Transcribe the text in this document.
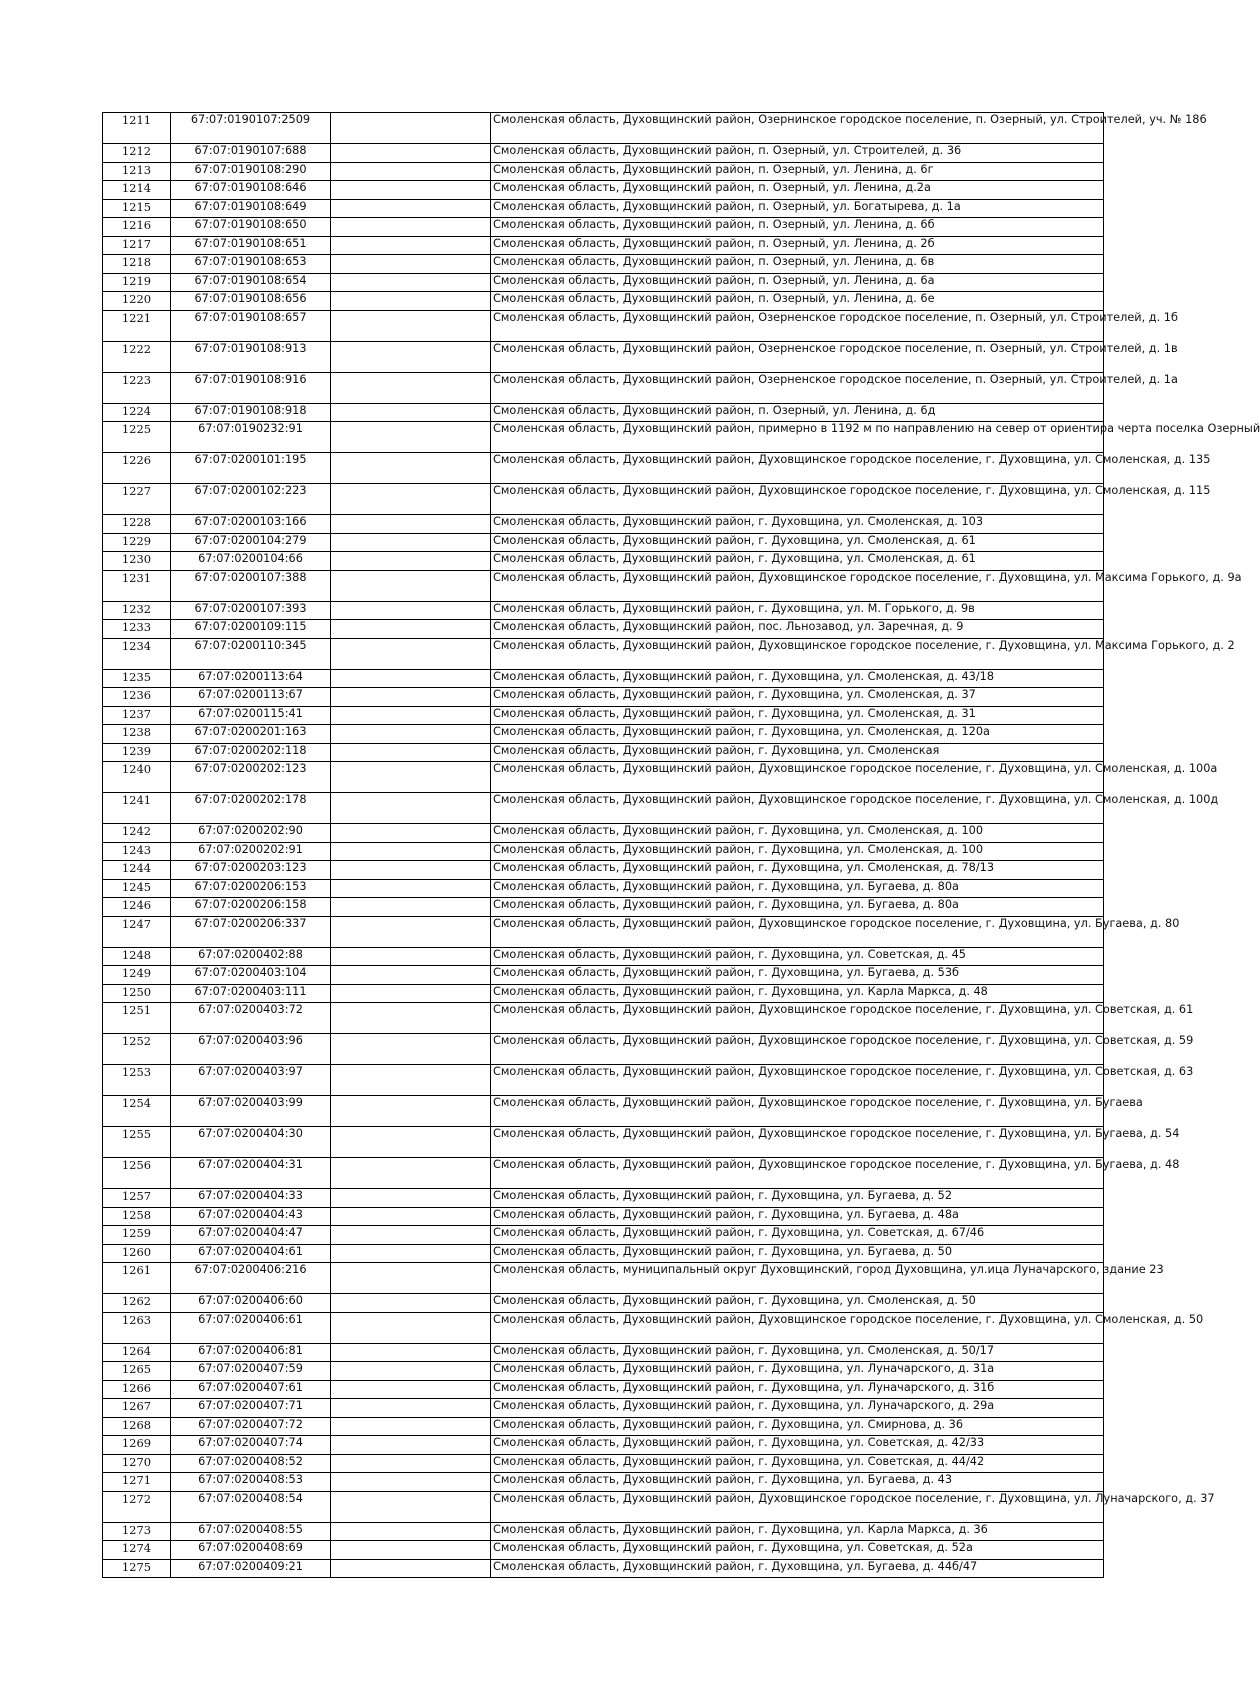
1211	67:07:0190107:2509		Смоленская область, Духовщинский район, Озернинское городское поселение, п. Озерный, ул. Строителей, уч. № 186
1212	67:07:0190107:688		Смоленская область, Духовщинский район, п. Озерный, ул. Строителей, д. 36
1213	67:07:0190108:290		Смоленская область, Духовщинский район, п. Озерный, ул. Ленина, д. 6г
1214	67:07:0190108:646		Смоленская область, Духовщинский район, п. Озерный, ул. Ленина, д.2а
1215	67:07:0190108:649		Смоленская область, Духовщинский район, п. Озерный, ул. Богатырева, д. 1а
1216	67:07:0190108:650		Смоленская область, Духовщинский район, п. Озерный, ул. Ленина, д. 6б
1217	67:07:0190108:651		Смоленская область, Духовщинский район, п. Озерный, ул. Ленина, д. 2б
1218	67:07:0190108:653		Смоленская область, Духовщинский район, п. Озерный, ул. Ленина, д. 6в
1219	67:07:0190108:654		Смоленская область, Духовщинский район, п. Озерный, ул. Ленина, д. 6а
1220	67:07:0190108:656		Смоленская область, Духовщинский район, п. Озерный, ул. Ленина, д. 6е
1221	67:07:0190108:657		Смоленская область, Духовщинский район, Озерненское городское поселение, п. Озерный, ул. Строителей, д. 1б
1222	67:07:0190108:913		Смоленская область, Духовщинский район, Озерненское городское поселение, п. Озерный, ул. Строителей, д. 1в
1223	67:07:0190108:916		Смоленская область, Духовщинский район, Озерненское городское поселение, п. Озерный, ул. Строителей, д. 1а
1224	67:07:0190108:918		Смоленская область, Духовщинский район, п. Озерный, ул. Ленина, д. 6д
1225	67:07:0190232:91		Смоленская область, Духовщинский район, примерно в 1192 м по направлению на север от ориентира черта поселка Озерный
1226	67:07:0200101:195		Смоленская область, Духовщинский район, Духовщинское городское поселение, г. Духовщина, ул. Смоленская, д. 135
1227	67:07:0200102:223		Смоленская область, Духовщинский район, Духовщинское городское поселение, г. Духовщина, ул. Смоленская, д. 115
1228	67:07:0200103:166		Смоленская область, Духовщинский район, г. Духовщина, ул. Смоленская, д. 103
1229	67:07:0200104:279		Смоленская область, Духовщинский район, г. Духовщина, ул. Смоленская, д. 61
1230	67:07:0200104:66		Смоленская область, Духовщинский район, г. Духовщина, ул. Смоленская, д. 61
1231	67:07:0200107:388		Смоленская область, Духовщинский район, Духовщинское городское поселение, г. Духовщина, ул. Максима Горького, д. 9а
1232	67:07:0200107:393		Смоленская область, Духовщинский район, г. Духовщина, ул. М. Горького, д. 9в
1233	67:07:0200109:115		Смоленская область, Духовщинский район, пос. Льнозавод, ул. Заречная, д. 9
1234	67:07:0200110:345		Смоленская область, Духовщинский район, Духовщинское городское поселение, г. Духовщина, ул. Максима Горького, д. 2
1235	67:07:0200113:64		Смоленская область, Духовщинский район, г. Духовщина, ул. Смоленская, д. 43/18
1236	67:07:0200113:67		Смоленская область, Духовщинский район, г. Духовщина, ул. Смоленская, д. 37
1237	67:07:0200115:41		Смоленская область, Духовщинский район, г. Духовщина, ул. Смоленская, д. 31
1238	67:07:0200201:163		Смоленская область, Духовщинский район, г. Духовщина, ул. Смоленская, д. 120а
1239	67:07:0200202:118		Смоленская область, Духовщинский район, г. Духовщина, ул. Смоленская
1240	67:07:0200202:123		Смоленская область, Духовщинский район, Духовщинское городское поселение, г. Духовщина, ул. Смоленская, д. 100а
1241	67:07:0200202:178		Смоленская область, Духовщинский район, Духовщинское городское поселение, г. Духовщина, ул. Смоленская, д. 100д
1242	67:07:0200202:90		Смоленская область, Духовщинский район, г. Духовщина, ул. Смоленская, д. 100
1243	67:07:0200202:91		Смоленская область, Духовщинский район, г. Духовщина, ул. Смоленская, д. 100
1244	67:07:0200203:123		Смоленская область, Духовщинский район, г. Духовщина, ул. Смоленская, д. 78/13
1245	67:07:0200206:153		Смоленская область, Духовщинский район, г. Духовщина, ул. Бугаева, д. 80а
1246	67:07:0200206:158		Смоленская область, Духовщинский район, г. Духовщина, ул. Бугаева, д. 80а
1247	67:07:0200206:337		Смоленская область, Духовщинский район, Духовщинское городское поселение, г. Духовщина, ул. Бугаева, д. 80
1248	67:07:0200402:88		Смоленская область, Духовщинский район, г. Духовщина, ул. Советская, д. 45
1249	67:07:0200403:104		Смоленская область, Духовщинский район, г. Духовщина, ул. Бугаева, д. 53б
1250	67:07:0200403:111		Смоленская область, Духовщинский район, г. Духовщина, ул. Карла Маркса, д. 48
1251	67:07:0200403:72		Смоленская область, Духовщинский район, Духовщинское городское поселение, г. Духовщина, ул. Советская, д. 61
1252	67:07:0200403:96		Смоленская область, Духовщинский район, Духовщинское городское поселение, г. Духовщина, ул. Советская, д. 59
1253	67:07:0200403:97		Смоленская область, Духовщинский район, Духовщинское городское поселение, г. Духовщина, ул. Советская, д. 63
1254	67:07:0200403:99		Смоленская область, Духовщинский район, Духовщинское городское поселение, г. Духовщина, ул. Бугаева
1255	67:07:0200404:30		Смоленская область, Духовщинский район, Духовщинское городское поселение, г. Духовщина, ул. Бугаева, д. 54
1256	67:07:0200404:31		Смоленская область, Духовщинский район, Духовщинское городское поселение, г. Духовщина, ул. Бугаева, д. 48
1257	67:07:0200404:33		Смоленская область, Духовщинский район, г. Духовщина, ул. Бугаева, д. 52
1258	67:07:0200404:43		Смоленская область, Духовщинский район, г. Духовщина, ул. Бугаева, д. 48а
1259	67:07:0200404:47		Смоленская область, Духовщинский район, г. Духовщина, ул. Советская, д. 67/46
1260	67:07:0200404:61		Смоленская область, Духовщинский район, г. Духовщина, ул. Бугаева, д. 50
1261	67:07:0200406:216		Смоленская область, муниципальный округ Духовщинский, город Духовщина, ул.ица Луначарского, здание 23
1262	67:07:0200406:60		Смоленская область, Духовщинский район, г. Духовщина, ул. Смоленская, д. 50
1263	67:07:0200406:61		Смоленская область, Духовщинский район, Духовщинское городское поселение, г. Духовщина, ул. Смоленская, д. 50
1264	67:07:0200406:81		Смоленская область, Духовщинский район, г. Духовщина, ул. Смоленская, д. 50/17
1265	67:07:0200407:59		Смоленская область, Духовщинский район, г. Духовщина, ул. Луначарского, д. 31а
1266	67:07:0200407:61		Смоленская область, Духовщинский район, г. Духовщина, ул. Луначарского, д. 31б
1267	67:07:0200407:71		Смоленская область, Духовщинский район, г. Духовщина, ул. Луначарского, д. 29а
1268	67:07:0200407:72		Смоленская область, Духовщинский район, г. Духовщина, ул. Смирнова, д. 36
1269	67:07:0200407:74		Смоленская область, Духовщинский район, г. Духовщина, ул. Советская, д. 42/33
1270	67:07:0200408:52		Смоленская область, Духовщинский район, г. Духовщина, ул. Советская, д. 44/42
1271	67:07:0200408:53		Смоленская область, Духовщинский район, г. Духовщина, ул. Бугаева, д. 43
1272	67:07:0200408:54		Смоленская область, Духовщинский район, Духовщинское городское поселение, г. Духовщина, ул. Луначарского, д. 37
1273	67:07:0200408:55		Смоленская область, Духовщинский район, г. Духовщина, ул. Карла Маркса, д. 36
1274	67:07:0200408:69		Смоленская область, Духовщинский район, г. Духовщина, ул. Советская, д. 52а
1275	67:07:0200409:21		Смоленская область, Духовщинский район, г. Духовщина, ул. Бугаева, д. 44б/47
